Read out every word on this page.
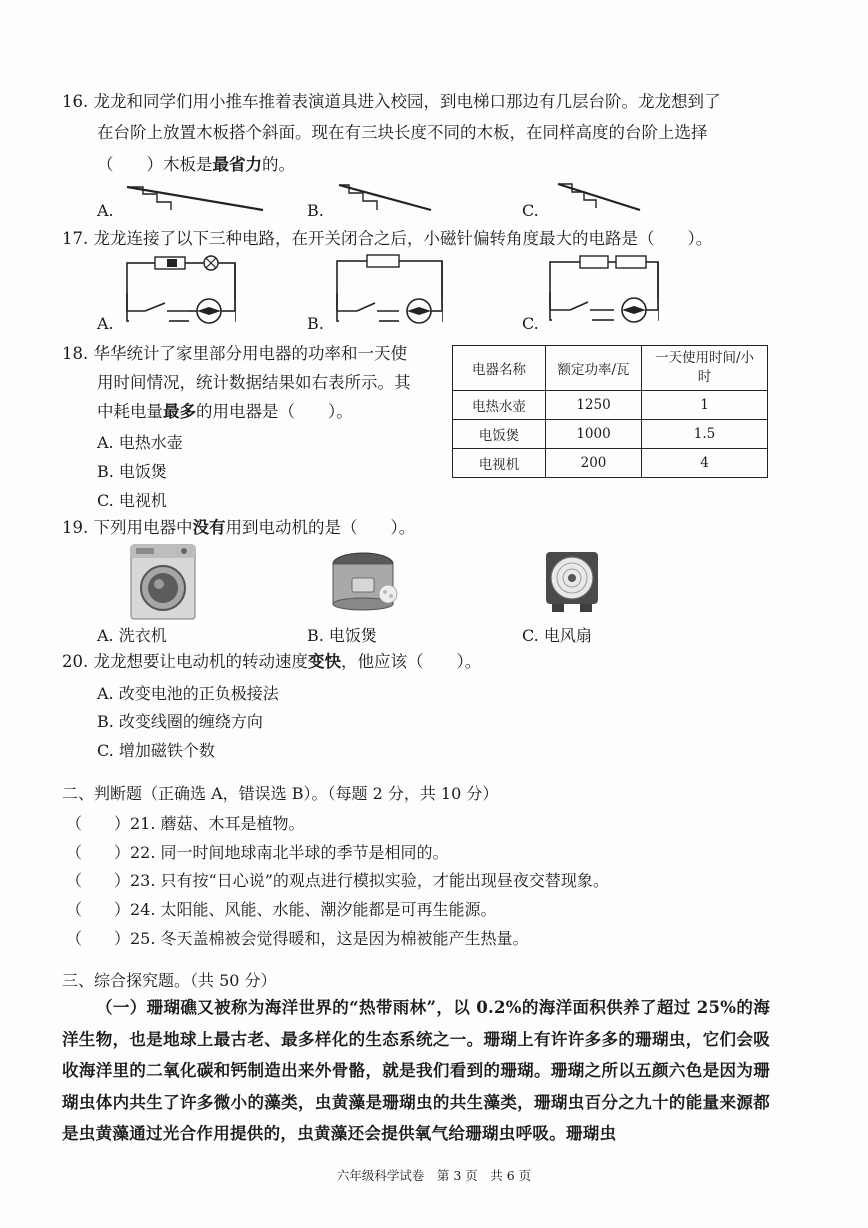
16. 龙龙和同学们用小推车推着表演道具进入校园，到电梯口那边有几层台阶。龙龙想到了
在台阶上放置木板搭个斜面。现在有三块长度不同的木板，在同样高度的台阶上选择
（　　）木板是最省力的。
A.	B.	C.
17. 龙龙连接了以下三种电路，在开关闭合之后，小磁针偏转角度最大的电路是（　　）。
A.	B.	C.
18. 华华统计了家里部分用电器的功率和一天使
用时间情况，统计数据结果如右表所示。其
中耗电量最多的用电器是（　　）。
A. 电热水壶
B. 电饭煲
C. 电视机
电器名称	额定功率/瓦	一天使用时间/小时
电热水壶	1250	1
电饭煲	1000	1.5
电视机	200	4
19. 下列用电器中没有用到电动机的是（　　）。
A. 洗衣机	B. 电饭煲	C. 电风扇
20. 龙龙想要让电动机的转动速度变快，他应该（　　）。
A. 改变电池的正负极接法
B. 改变线圈的缠绕方向
C. 增加磁铁个数
二、判断题（正确选 A，错误选 B）。（每题 2 分，共 10 分）
（　　）21. 蘑菇、木耳是植物。
（　　）22. 同一时间地球南北半球的季节是相同的。
（　　）23. 只有按“日心说”的观点进行模拟实验，才能出现昼夜交替现象。
（　　）24. 太阳能、风能、水能、潮汐能都是可再生能源。
（　　）25. 冬天盖棉被会觉得暖和，这是因为棉被能产生热量。
三、综合探究题。（共 50 分）
（一）珊瑚礁又被称为海洋世界的“热带雨林”，以 0.2%的海洋面积供养了超过 25%的海洋生物，也是地球上最古老、最多样化的生态系统之一。珊瑚上有许许多多的珊瑚虫，它们会吸收海洋里的二氧化碳和钙制造出来外骨骼，就是我们看到的珊瑚。珊瑚之所以五颜六色是因为珊瑚虫体内共生了许多微小的藻类，虫黄藻是珊瑚虫的共生藻类，珊瑚虫百分之九十的能量来源都是虫黄藻通过光合作用提供的，虫黄藻还会提供氧气给珊瑚虫呼吸。珊瑚虫
六年级科学试卷　第 3 页　共 6 页
